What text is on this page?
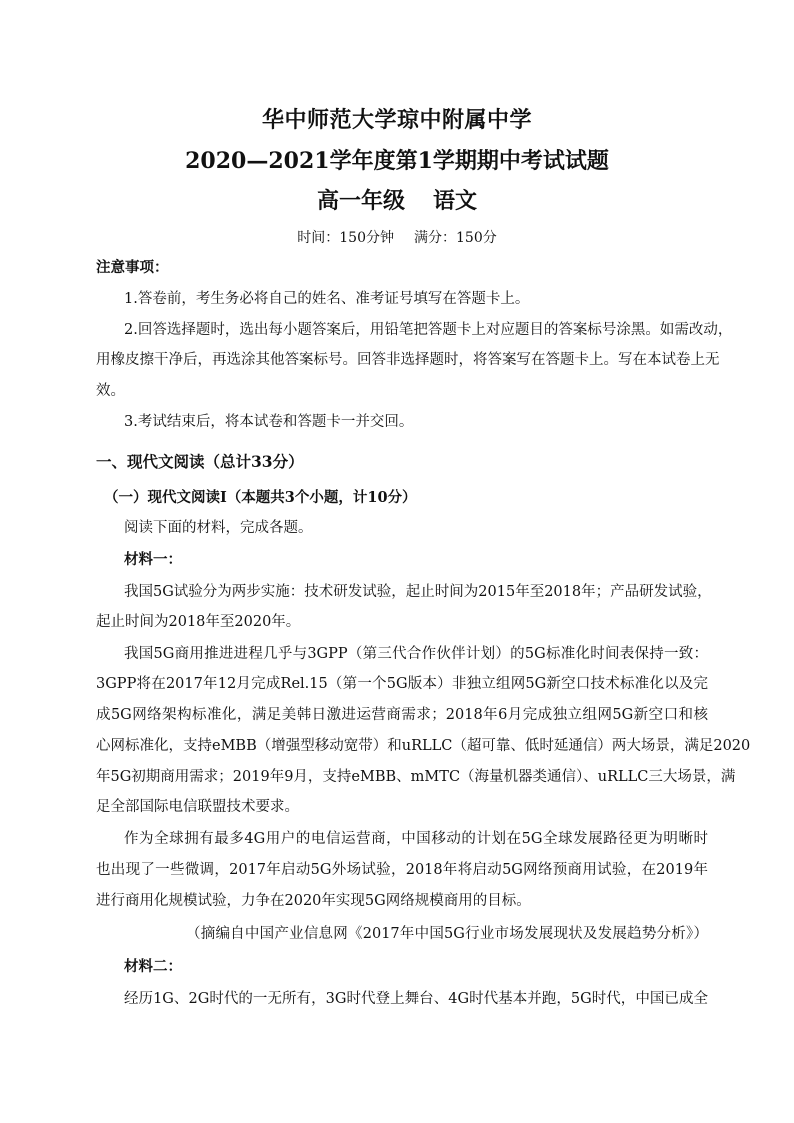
华中师范大学琼中附属中学
2020—2021学年度第1学期期中考试试题
高一年级 语文
时间：150分钟 满分：150分
注意事项：
1.答卷前，考生务必将自己的姓名、准考证号填写在答题卡上。
2.回答选择题时，选出每小题答案后，用铅笔把答题卡上对应题目的答案标号涂黑。如需改动，
用橡皮擦干净后，再选涂其他答案标号。回答非选择题时，将答案写在答题卡上。写在本试卷上无
效。
3.考试结束后，将本试卷和答题卡一并交回。
一、现代文阅读（总计33分）
（一）现代文阅读Ⅰ（本题共3个小题，计10分）
阅读下面的材料，完成各题。
材料一：
我国5G试验分为两步实施：技术研发试验，起止时间为2015年至2018年；产品研发试验，
起止时间为2018年至2020年。
我国5G商用推进进程几乎与3GPP（第三代合作伙伴计划）的5G标准化时间表保持一致：
3GPP将在2017年12月完成Rel.15（第一个5G版本）非独立组网5G新空口技术标准化以及完
成5G网络架构标准化，满足美韩日激进运营商需求；2018年6月完成独立组网5G新空口和核
心网标准化，支持eMBB（增强型移动宽带）和uRLLC（超可靠、低时延通信）两大场景，满足2020
年5G初期商用需求；2019年9月，支持eMBB、mMTC（海量机器类通信）、uRLLC三大场景，满
足全部国际电信联盟技术要求。
作为全球拥有最多4G用户的电信运营商，中国移动的计划在5G全球发展路径更为明晰时
也出现了一些微调，2017年启动5G外场试验，2018年将启动5G网络预商用试验，在2019年
进行商用化规模试验，力争在2020年实现5G网络规模商用的目标。
（摘编自中国产业信息网《2017年中国5G行业市场发展现状及发展趋势分析》）
材料二：
经历1G、2G时代的一无所有，3G时代登上舞台、4G时代基本并跑，5G时代，中国已成全
